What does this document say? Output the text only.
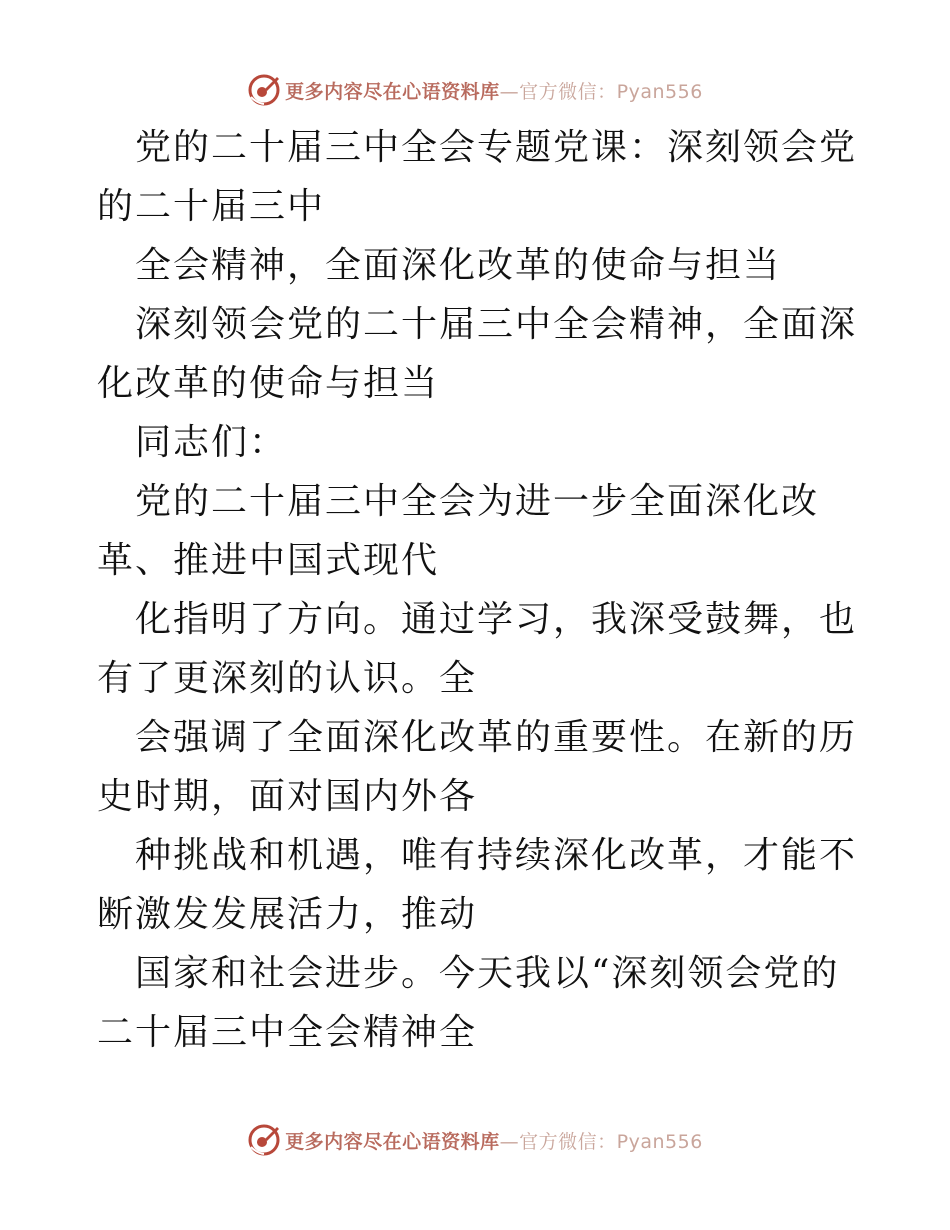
更多内容尽在心语资料库—官方微信：Pyan556

党的二十届三中全会专题党课：深刻领会党的二十届三中

全会精神，全面深化改革的使命与担当

深刻领会党的二十届三中全会精神，全面深化改革的使命与担当

同志们：

党的二十届三中全会为进一步全面深化改革、推进中国式现代

化指明了方向。通过学习，我深受鼓舞，也有了更深刻的认识。全

会强调了全面深化改革的重要性。在新的历史时期，面对国内外各

种挑战和机遇，唯有持续深化改革，才能不断激发发展活力，推动

国家和社会进步。今天我以“深刻领会党的二十届三中全会精神全

更多内容尽在心语资料库—官方微信：Pyan556
